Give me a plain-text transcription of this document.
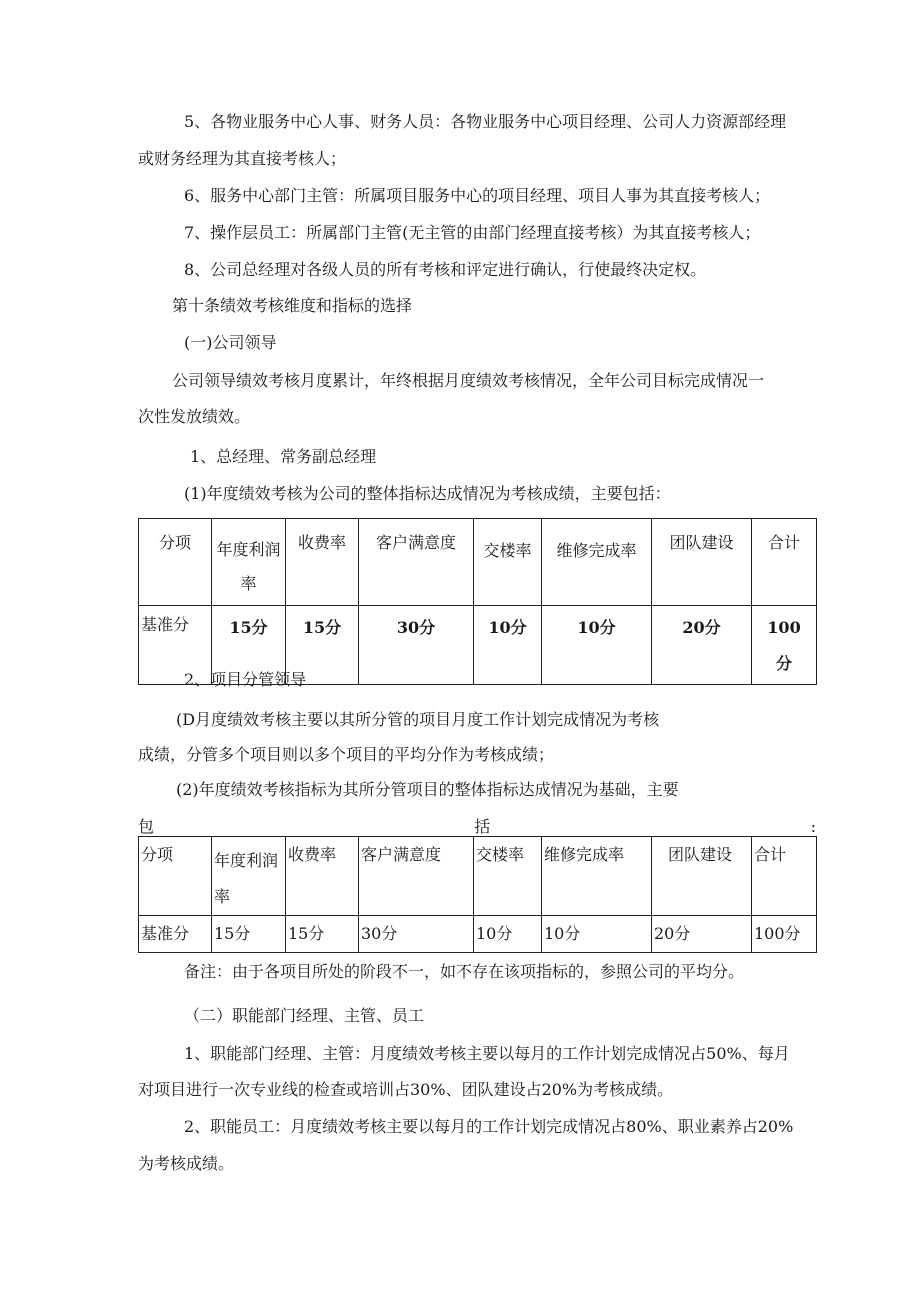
5、各物业服务中心人事、财务人员：各物业服务中心项目经理、公司人力资源部经理
或财务经理为其直接考核人；
6、服务中心部门主管：所属项目服务中心的项目经理、项目人事为其直接考核人；
7、操作层员工：所属部门主管(无主管的由部门经理直接考核）为其直接考核人；
8、公司总经理对各级人员的所有考核和评定进行确认，行使最终决定权。
第十条绩效考核维度和指标的选择
(一)公司领导
公司领导绩效考核月度累计，年终根据月度绩效考核情况，全年公司目标完成情况一
次性发放绩效。
1、总经理、常务副总经理
(1)年度绩效考核为公司的整体指标达成情况为考核成绩，主要包括：
分项	年度利润率	收费率	客户满意度	交楼率	维修完成率	团队建设	合计
基准分	15分	15分	30分	10分	10分	20分	100分
2、项目分管领导
(D月度绩效考核主要以其所分管的项目月度工作计划完成情况为考核
成绩，分管多个项目则以多个项目的平均分作为考核成绩；
(2)年度绩效考核指标为其所分管项目的整体指标达成情况为基础，主要
包	括	:
分项	年度利润率	收费率	客户满意度	交楼率	维修完成率	团队建设	合计
基准分	15分	15分	30分	10分	10分	20分	100分
备注：由于各项目所处的阶段不一，如不存在该项指标的，参照公司的平均分。
（二）职能部门经理、主管、员工
1、职能部门经理、主管：月度绩效考核主要以每月的工作计划完成情况占50%、每月
对项目进行一次专业线的检查或培训占30%、团队建设占20%为考核成绩。
2、职能员工：月度绩效考核主要以每月的工作计划完成情况占80%、职业素养占20%
为考核成绩。
